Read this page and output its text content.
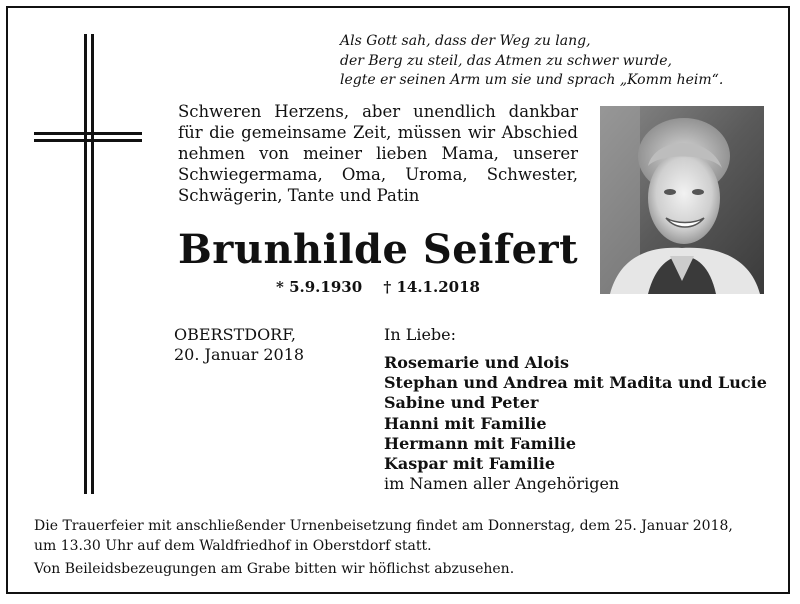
Als Gott sah, dass der Weg zu lang,
der Berg zu steil, das Atmen zu schwer wurde,
legte er seinen Arm um sie und sprach „Komm heim“.
Schweren Herzens, aber unendlich dankbar
für die gemeinsame Zeit, müssen wir Abschied
nehmen von meiner lieben Mama, unserer
Schwiegermama, Oma, Uroma, Schwester,
Schwägerin, Tante und Patin
Brunhilde Seifert
* 5.9.1930 † 14.1.2018
OBERSTDORF,
20. Januar 2018
In Liebe:
Rosemarie und Alois
Stephan und Andrea mit Madita und Lucie
Sabine und Peter
Hanni mit Familie
Hermann mit Familie
Kaspar mit Familie
im Namen aller Angehörigen
Die Trauerfeier mit anschließender Urnenbeisetzung findet am Donnerstag, dem 25. Januar 2018,
um 13.30 Uhr auf dem Waldfriedhof in Oberstdorf statt.
Von Beileidsbezeugungen am Grabe bitten wir höflichst abzusehen.
